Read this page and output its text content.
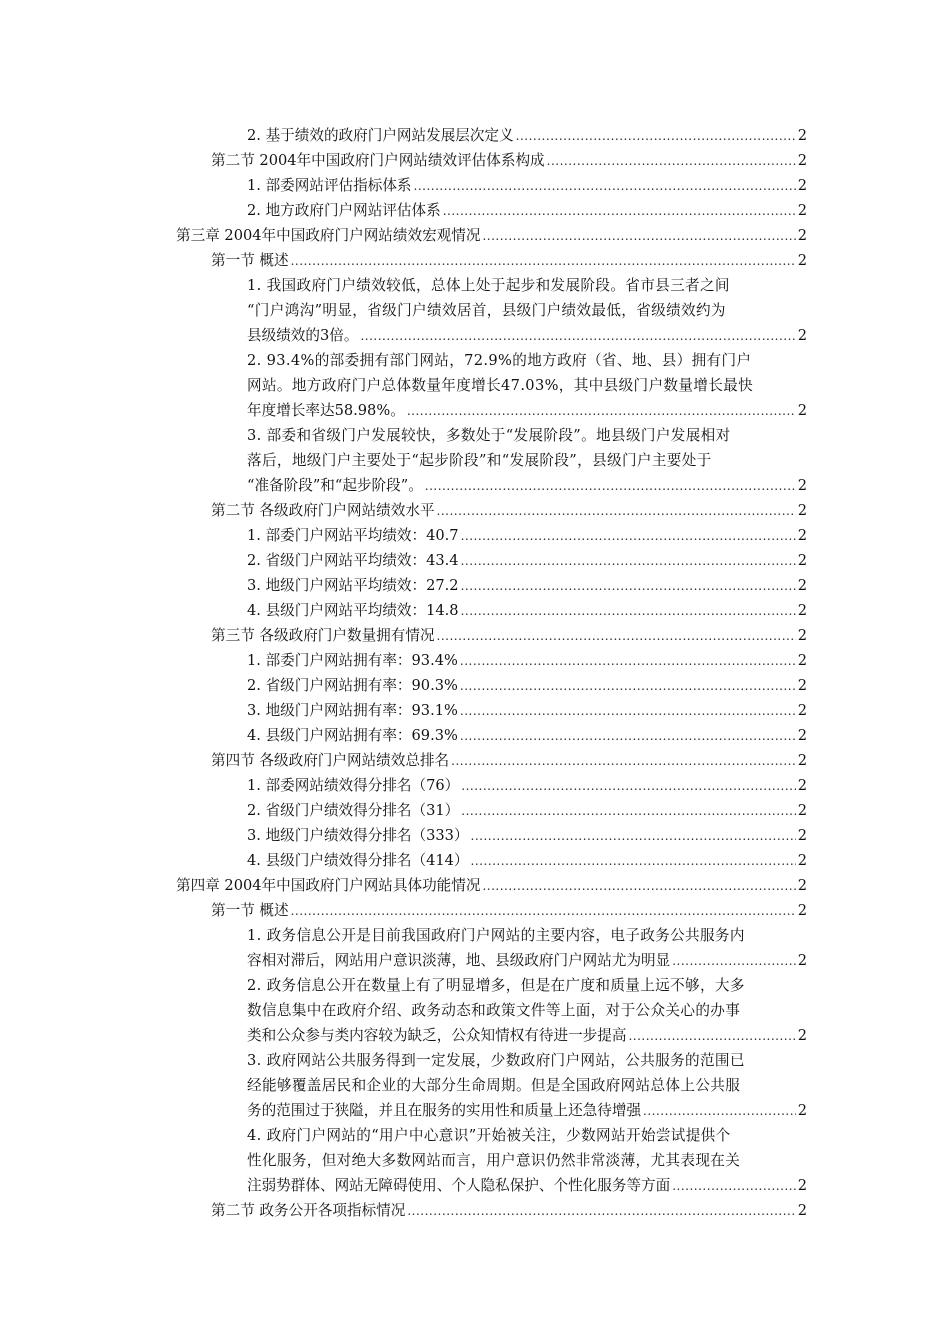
2. 基于绩效的政府门户网站发展层次定义 .....	2
第二节 2004年中国政府门户网站绩效评估体系构成 .....	2
1. 部委网站评估指标体系 .....	2
2. 地方政府门户网站评估体系 .....	2
第三章 2004年中国政府门户网站绩效宏观情况 .....	2
第一节 概述 .....	2
1. 我国政府门户绩效较低，总体上处于起步和发展阶段。省市县三者之间
“门户鸿沟”明显，省级门户绩效居首，县级门户绩效最低，省级绩效约为
县级绩效的3倍。 .....	2
2. 93.4%的部委拥有部门网站，72.9%的地方政府（省、地、县）拥有门户
网站。地方政府门户总体数量年度增长47.03%，其中县级门户数量增长最快
年度增长率达58.98%。 .....	2
3. 部委和省级门户发展较快，多数处于“发展阶段”。地县级门户发展相对
落后，地级门户主要处于“起步阶段”和“发展阶段”，县级门户主要处于
“准备阶段”和“起步阶段”。 .....	2
第二节 各级政府门户网站绩效水平 .....	2
1. 部委门户网站平均绩效：40.7 .....	2
2. 省级门户网站平均绩效：43.4 .....	2
3. 地级门户网站平均绩效：27.2 .....	2
4. 县级门户网站平均绩效：14.8 .....	2
第三节 各级政府门户数量拥有情况 .....	2
1. 部委门户网站拥有率：93.4% .....	2
2. 省级门户网站拥有率：90.3% .....	2
3. 地级门户网站拥有率：93.1% .....	2
4. 县级门户网站拥有率：69.3% .....	2
第四节 各级政府门户网站绩效总排名 .....	2
1. 部委网站绩效得分排名（76） .....	2
2. 省级门户绩效得分排名（31） .....	2
3. 地级门户绩效得分排名（333） .....	2
4. 县级门户绩效得分排名（414） .....	2
第四章 2004年中国政府门户网站具体功能情况 .....	2
第一节 概述 .....	2
1. 政务信息公开是目前我国政府门户网站的主要内容，电子政务公共服务内
容相对滞后，网站用户意识淡薄，地、县级政府门户网站尤为明显 .....	2
2. 政务信息公开在数量上有了明显增多，但是在广度和质量上远不够，大多
数信息集中在政府介绍、政务动态和政策文件等上面，对于公众关心的办事
类和公众参与类内容较为缺乏，公众知情权有待进一步提高 .....	2
3. 政府网站公共服务得到一定发展，少数政府门户网站，公共服务的范围已
经能够覆盖居民和企业的大部分生命周期。但是全国政府网站总体上公共服
务的范围过于狭隘，并且在服务的实用性和质量上还急待增强 .....	2
4. 政府门户网站的“用户中心意识”开始被关注，少数网站开始尝试提供个
性化服务，但对绝大多数网站而言，用户意识仍然非常淡薄，尤其表现在关
注弱势群体、网站无障碍使用、个人隐私保护、个性化服务等方面 .....	2
第二节 政务公开各项指标情况 .....	2
